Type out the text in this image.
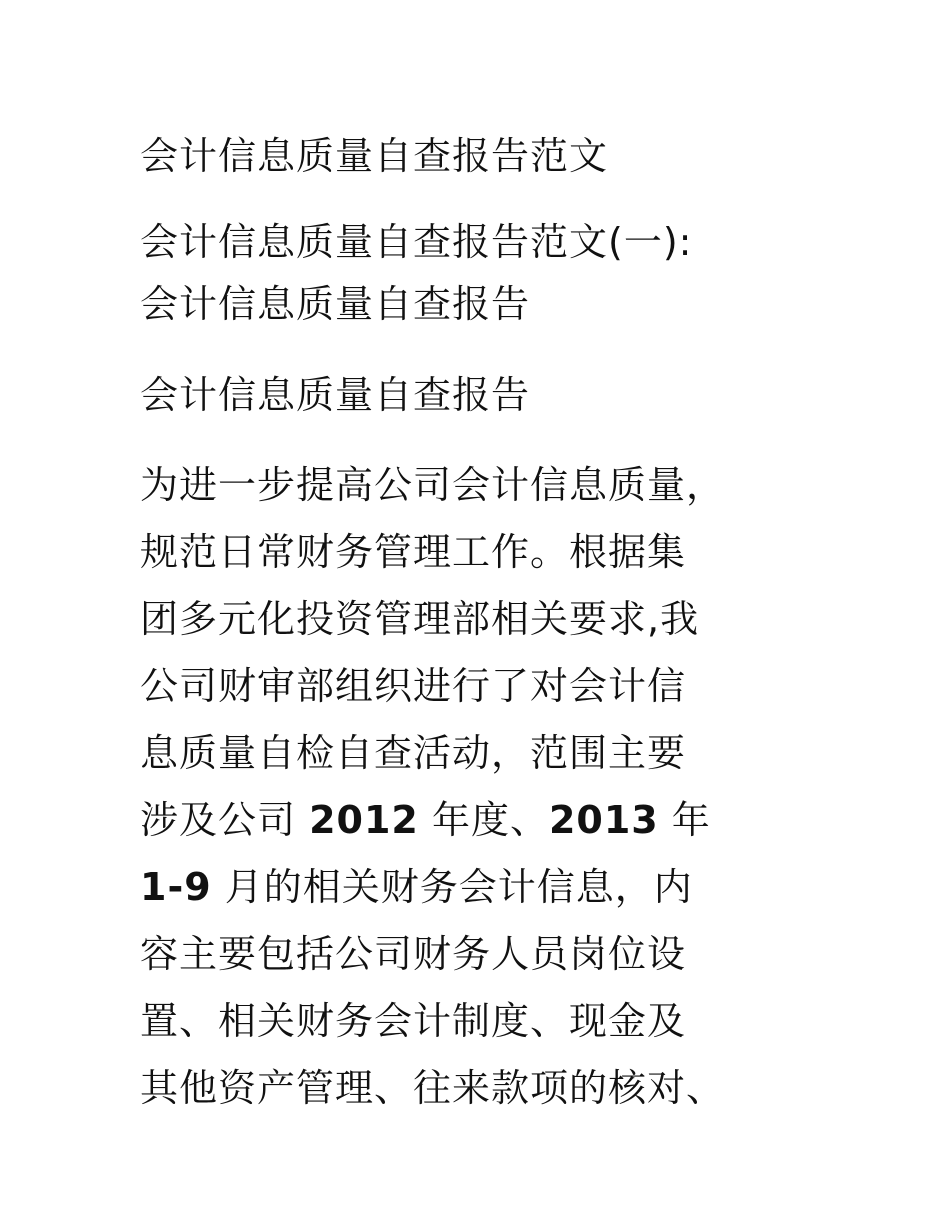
会计信息质量自查报告范文
会计信息质量自查报告范文(一):
会计信息质量自查报告
会计信息质量自查报告

为进一步提高公司会计信息质量，
规范日常财务管理工作。根据集
团多元化投资管理部相关要求,我
公司财审部组织进行了对会计信
息质量自检自查活动，范围主要
涉及公司 2012 年度、2013 年
1-9 月的相关财务会计信息，内
容主要包括公司财务人员岗位设
置、相关财务会计制度、现金及
其他资产管理、往来款项的核对、
